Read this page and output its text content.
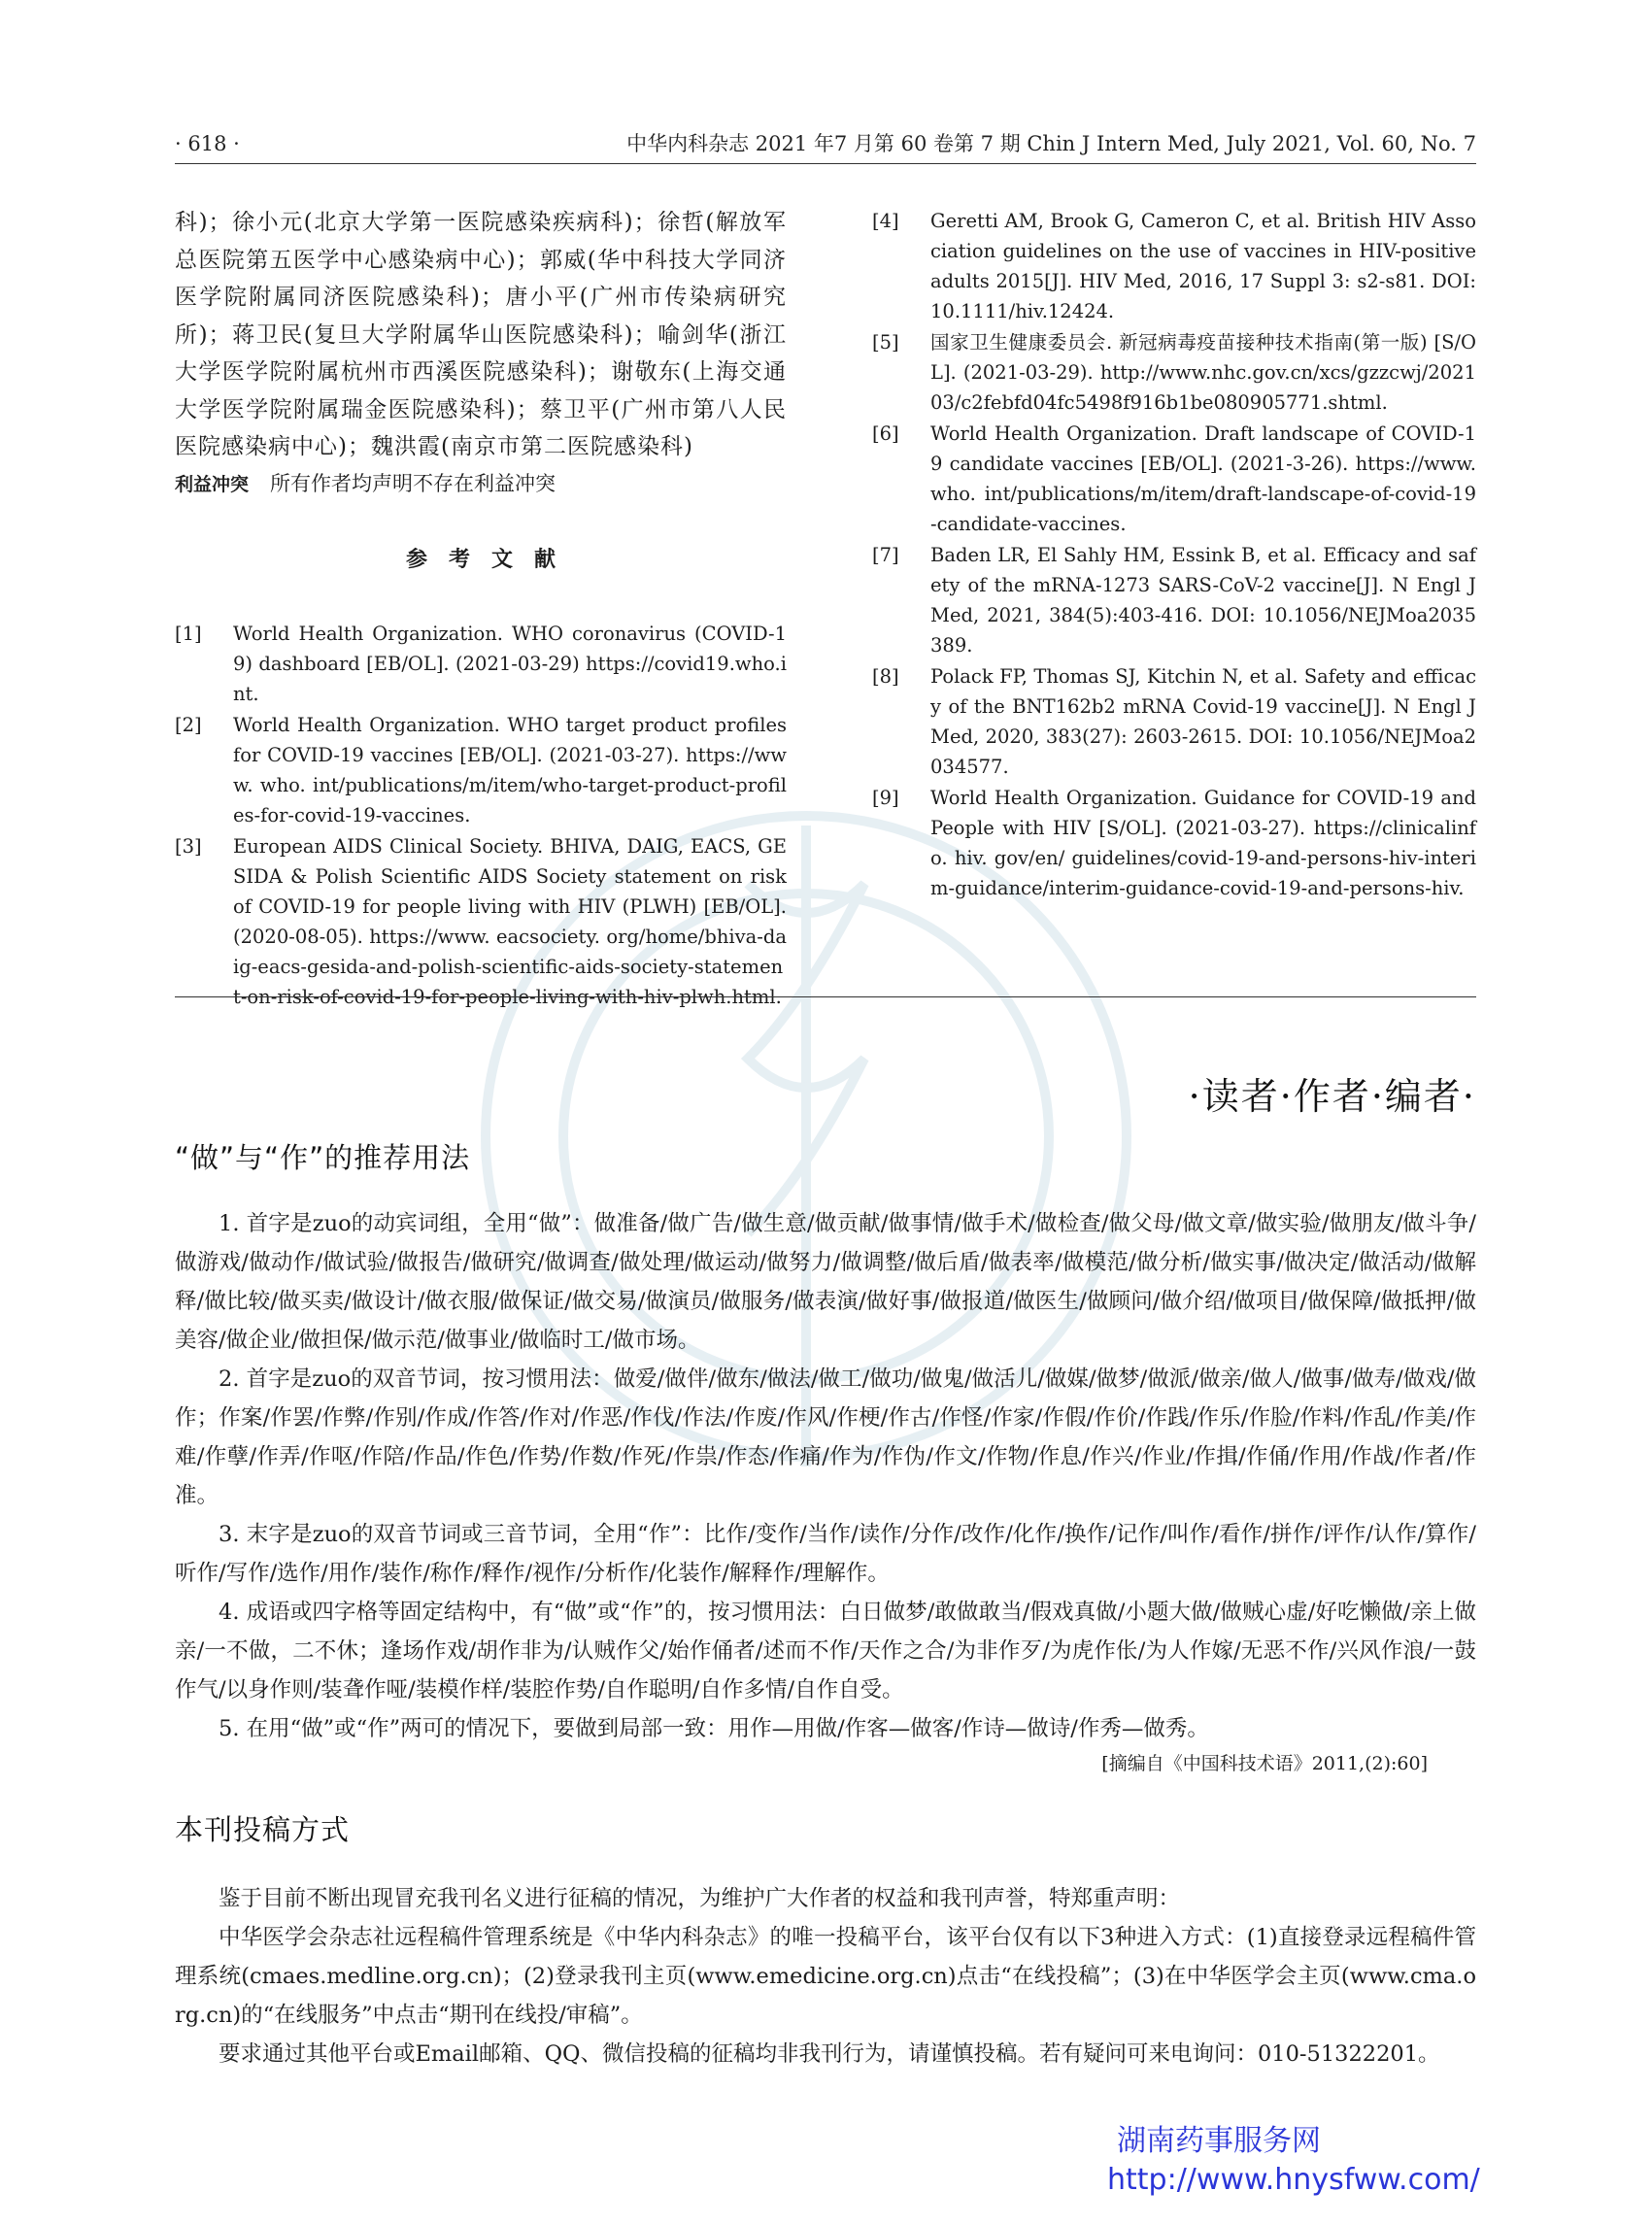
· 618 ·	中华内科杂志 2021 年7 月第 60 卷第 7 期 Chin J Intern Med, July 2021, Vol. 60, No. 7
科)；徐小元(北京大学第一医院感染疾病科)；徐哲(解放军总医院第五医学中心感染病中心)；郭威(华中科技大学同济医学院附属同济医院感染科)；唐小平(广州市传染病研究所)；蒋卫民(复旦大学附属华山医院感染科)；喻剑华(浙江大学医学院附属杭州市西溪医院感染科)；谢敬东(上海交通大学医学院附属瑞金医院感染科)；蔡卫平(广州市第八人民医院感染病中心)；魏洪霞(南京市第二医院感染科)
利益冲突 所有作者均声明不存在利益冲突
参考文献
[1]	World Health Organization. WHO coronavirus (COVID-19) dashboard [EB/OL]. (2021-03-29) https://covid19.who.int.
[2]	World Health Organization. WHO target product profiles for COVID-19 vaccines [EB/OL]. (2021-03-27). https://www. who. int/publications/m/item/who-target-product-profiles-for-covid-19-vaccines.
[3]	European AIDS Clinical Society. BHIVA, DAIG, EACS, GESIDA & Polish Scientific AIDS Society statement on risk of COVID-19 for people living with HIV (PLWH) [EB/OL]. (2020-08-05). https://www. eacsociety. org/home/bhiva-daig-eacs-gesida-and-polish-scientific-aids-society-statement-on-risk-of-covid-19-for-people-living-with-hiv-plwh.html.
[4]	Geretti AM, Brook G, Cameron C, et al. British HIV Association guidelines on the use of vaccines in HIV-positive adults 2015[J]. HIV Med, 2016, 17 Suppl 3: s2-s81. DOI: 10.1111/hiv.12424.
[5]	国家卫生健康委员会. 新冠病毒疫苗接种技术指南(第一版) [S/OL]. (2021-03-29). http://www.nhc.gov.cn/xcs/gzzcwj/202103/c2febfd04fc5498f916b1be080905771.shtml.
[6]	World Health Organization. Draft landscape of COVID-19 candidate vaccines [EB/OL]. (2021-3-26). https://www. who. int/publications/m/item/draft-landscape-of-covid-19-candidate-vaccines.
[7]	Baden LR, El Sahly HM, Essink B, et al. Efficacy and safety of the mRNA-1273 SARS-CoV-2 vaccine[J]. N Engl J Med, 2021, 384(5):403-416. DOI: 10.1056/NEJMoa2035389.
[8]	Polack FP, Thomas SJ, Kitchin N, et al. Safety and efficacy of the BNT162b2 mRNA Covid-19 vaccine[J]. N Engl J Med, 2020, 383(27): 2603-2615. DOI: 10.1056/NEJMoa2034577.
[9]	World Health Organization. Guidance for COVID-19 and People with HIV [S/OL]. (2021-03-27). https://clinicalinfo. hiv. gov/en/ guidelines/covid-19-and-persons-hiv-interim-guidance/interim-guidance-covid-19-and-persons-hiv.
·读者·作者·编者·
“做”与“作”的推荐用法

1. 首字是zuo的动宾词组，全用“做”：做准备/做广告/做生意/做贡献/做事情/做手术/做检查/做父母/做文章/做实验/做朋友/做斗争/做游戏/做动作/做试验/做报告/做研究/做调查/做处理/做运动/做努力/做调整/做后盾/做表率/做模范/做分析/做实事/做决定/做活动/做解释/做比较/做买卖/做设计/做衣服/做保证/做交易/做演员/做服务/做表演/做好事/做报道/做医生/做顾问/做介绍/做项目/做保障/做抵押/做美容/做企业/做担保/做示范/做事业/做临时工/做市场。

2. 首字是zuo的双音节词，按习惯用法：做爱/做伴/做东/做法/做工/做功/做鬼/做活儿/做媒/做梦/做派/做亲/做人/做事/做寿/做戏/做作；作案/作罢/作弊/作别/作成/作答/作对/作恶/作伐/作法/作废/作风/作梗/作古/作怪/作家/作假/作价/作践/作乐/作脸/作料/作乱/作美/作难/作孽/作弄/作呕/作陪/作品/作色/作势/作数/作死/作祟/作态/作痛/作为/作伪/作文/作物/作息/作兴/作业/作揖/作俑/作用/作战/作者/作准。

3. 末字是zuo的双音节词或三音节词，全用“作”：比作/变作/当作/读作/分作/改作/化作/换作/记作/叫作/看作/拼作/评作/认作/算作/听作/写作/选作/用作/装作/称作/释作/视作/分析作/化装作/解释作/理解作。

4. 成语或四字格等固定结构中，有“做”或“作”的，按习惯用法：白日做梦/敢做敢当/假戏真做/小题大做/做贼心虚/好吃懒做/亲上做亲/一不做，二不休；逢场作戏/胡作非为/认贼作父/始作俑者/述而不作/天作之合/为非作歹/为虎作伥/为人作嫁/无恶不作/兴风作浪/一鼓作气/以身作则/装聋作哑/装模作样/装腔作势/自作聪明/自作多情/自作自受。

5. 在用“做”或“作”两可的情况下，要做到局部一致：用作—用做/作客—做客/作诗—做诗/作秀—做秀。

[摘编自《中国科技术语》2011,(2):60]

本刊投稿方式

鉴于目前不断出现冒充我刊名义进行征稿的情况，为维护广大作者的权益和我刊声誉，特郑重声明：

中华医学会杂志社远程稿件管理系统是《中华内科杂志》的唯一投稿平台，该平台仅有以下3种进入方式：(1)直接登录远程稿件管理系统(cmaes.medline.org.cn)；(2)登录我刊主页(www.emedicine.org.cn)点击“在线投稿”；(3)在中华医学会主页(www.cma.org.cn)的“在线服务”中点击“期刊在线投/审稿”。

要求通过其他平台或Email邮箱、QQ、微信投稿的征稿均非我刊行为，请谨慎投稿。若有疑问可来电询问：010-51322201。

湖南药事服务网
http://www.hnysfww.com/
